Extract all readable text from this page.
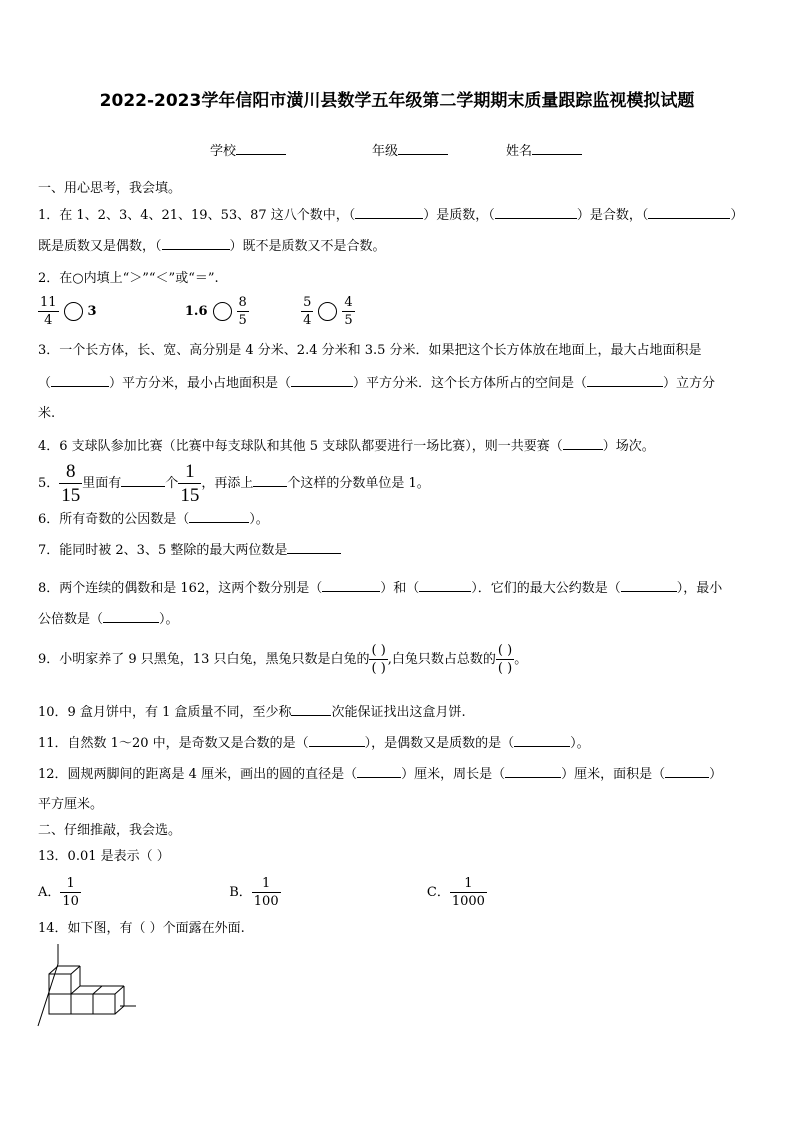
2022-2023学年信阳市潢川县数学五年级第二学期期末质量跟踪监视模拟试题
学校	年级	姓名
一、用心思考，我会填。
1．在 1、2、3、4、21、19、53、87 这八个数中，（	）是质数，（	）是合数，（	）
既是质数又是偶数，（	）既不是质数又不是合数。
2．在○内填上“＞”“＜”或“＝”.
$\frac{11}{4} 3$	$1.6 \frac{8}{5}$
	$\frac{5}{4} \frac{4}{5}$
3．一个长方体，长、宽、高分别是 4 分米、2.4 分米和 3.5 分米．如果把这个长方体放在地面上，最大占地面积是
（	）平方分米，最小占地面积是（	）平方分米．这个长方体所占的空间是（	）立方分
米.
4．6 支球队参加比赛（比赛中每支球队和其他 5 支球队都要进行一场比赛），则一共要赛（	）场次。
5． $\frac{8}{15}$ 里面有	个 $\frac{1}{15}$ ，再添上	个这样的分数单位是 1。
6．所有奇数的公因数是（	）。
7．能同时被 2、3、5 整除的最大两位数是
8．两个连续的偶数和是 162，这两个数分别是（	）和（	）．它们的最大公约数是（	），最小
公倍数是（	）。
9．小明家养了 9 只黑兔，13 只白兔，黑兔只数是白兔的 $\frac{( )}{( )}$ ,白兔只数占总数的 $\frac{( )}{( )}$ 。
10．9 盒月饼中，有 1 盒质量不同，至少称	次能保证找出这盒月饼.
11．自然数 1～20 中，是奇数又是合数的是（	），是偶数又是质数的是（	）。
12．圆规两脚间的距离是 4 厘米，画出的圆的直径是（	）厘米，周长是（	）厘米，面积是（	）
平方厘米。
二、仔细推敲，我会选。
13．0.01 是表示（ ）
A． $\frac{1}{10}$	B． $\frac{1}{100}$	C． $\frac{1}{1000}$
14．如下图，有（ ）个面露在外面.
